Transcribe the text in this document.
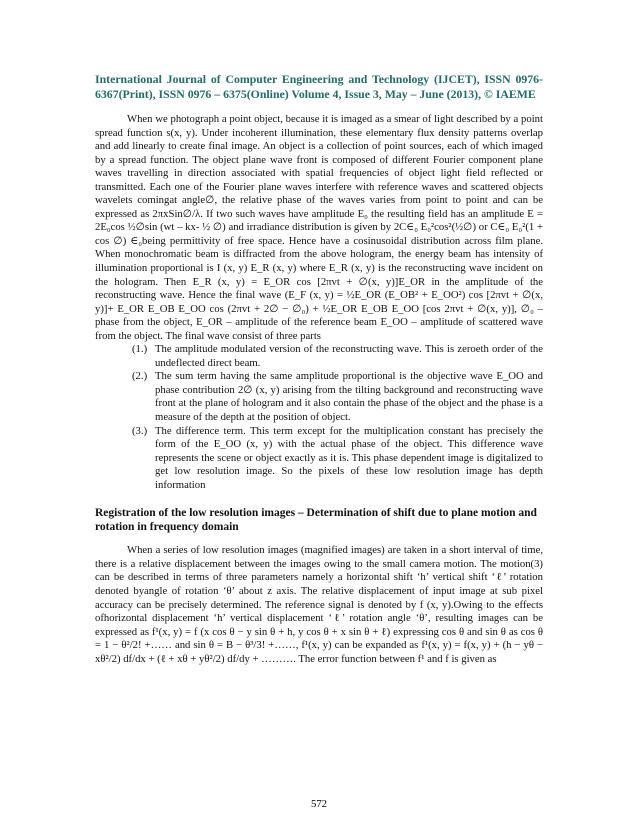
International Journal of Computer Engineering and Technology (IJCET), ISSN 0976-6367(Print), ISSN 0976 – 6375(Online) Volume 4, Issue 3, May – June (2013), © IAEME

When we photograph a point object, because it is imaged as a smear of light described by a point spread function s(x, y). Under incoherent illumination, these elementary flux density patterns overlap and add linearly to create final image. An object is a collection of point sources, each of which imaged by a spread function. The object plane wave front is composed of different Fourier component plane waves travelling in direction associated with spatial frequencies of object light field reflected or transmitted. Each one of the Fourier plane waves interfere with reference waves and scattered objects wavelets comingat angle∅, the relative phase of the waves varies from point to point and can be expressed as 2πxSin∅/λ. If two such waves have amplitude E₀ the resulting field has an amplitude E = 2E₀cos ½∅sin (wt – kx- ½ ∅) and irradiance distribution is given by 2C∈₀ E₀²cos²(½∅) or C∈₀ E₀²(1 + cos ∅) ∈₀being permittivity of free space. Hence have a cosinusoidal distribution across film plane. When monochromatic beam is diffracted from the above hologram, the energy beam has intensity of illumination proportional is I (x, y) E_R (x, y) where E_R (x, y) is the reconstructing wave incident on the hologram. Then E_R (x, y) = E_OR cos [2πvt + ∅(x, y)]E_OR in the amplitude of the reconstructing wave. Hence the final wave (E_F (x, y) = ½E_OR (E_OB² + E_OO²) cos [2πvt + ∅(x, y)]+ E_OR E_OB E_OO cos (2πvt + 2∅ − ∅₀) + ½E_OR E_OB E_OO [cos 2πvt + ∅(x, y)], ∅₀ – phase from the object, E_OR – amplitude of the reference beam E_OO – amplitude of scattered wave from the object. The final wave consist of three parts

(1.) The amplitude modulated version of the reconstructing wave. This is zeroeth order of the undeflected direct beam.
(2.) The sum term having the same amplitude proportional is the objective wave E_OO and phase contribution 2∅ (x, y) arising from the tilting background and reconstructing wave front at the plane of hologram and it also contain the phase of the object and the phase is a measure of the depth at the position of object.
(3.) The difference term. This term except for the multiplication constant has precisely the form of the E_OO (x, y) with the actual phase of the object. This difference wave represents the scene or object exactly as it is. This phase dependent image is digitalized to get low resolution image. So the pixels of these low resolution image has depth information
Registration of the low resolution images – Determination of shift due to plane motion and rotation in frequency domain

When a series of low resolution images (magnified images) are taken in a short interval of time, there is a relative displacement between the images owing to the small camera motion. The motion(3) can be described in terms of three parameters namely a horizontal shift ‘h’ vertical shift ‘ℓ’ rotation denoted byangle of rotation ‘θ’ about z axis. The relative displacement of input image at sub pixel accuracy can be precisely determined. The reference signal is denoted by f (x, y).Owing to the effects ofhorizontal displacement ‘h’ vertical displacement ‘ℓ’ rotation angle ‘θ’, resulting images can be expressed as f¹(x, y) = f (x cos θ − y sin θ + h, y cos θ + x sin θ + ℓ) expressing cos θ and sin θ as cos θ = 1 − θ²/2! +…… and sin θ = B − θ³/3! +……, f¹(x, y) can be expanded as f¹(x, y) = f(x, y) + (h − yθ − xθ²/2) df/dx + (ℓ + xθ + yθ²/2) df/dy + ………. The error function between f¹ and f is given as

572
